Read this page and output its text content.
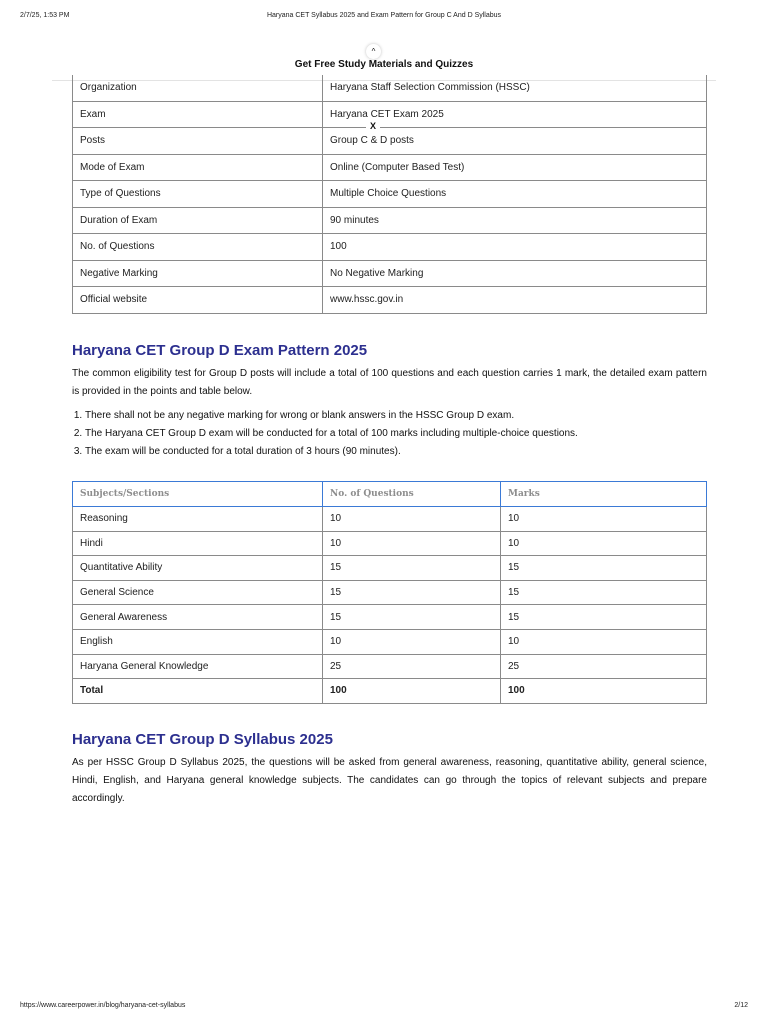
2/7/25, 1:53 PM	Haryana CET Syllabus 2025 and Exam Pattern for Group C And D Syllabus
^
Get Free Study Materials and Quizzes
Organization	Haryana Staff Selection Commission (HSSC)
Exam	Haryana CET Exam 2025
Posts	Group C & D posts
Mode of Exam	Online (Computer Based Test)
Type of Questions	Multiple Choice Questions
Duration of Exam	90 minutes
No. of Questions	100
Negative Marking	No Negative Marking
Official website	www.hssc.gov.in
X
Haryana CET Group D Exam Pattern 2025

The common eligibility test for Group D posts will include a total of 100 questions and each question carries 1 mark, the detailed exam pattern is provided in the points and table below.

1. There shall not be any negative marking for wrong or blank answers in the HSSC Group D exam.
2. The Haryana CET Group D exam will be conducted for a total of 100 marks including multiple-choice questions.
3. The exam will be conducted for a total duration of 3 hours (90 minutes).
Subjects/Sections	No. of Questions	Marks
Reasoning	10	10
Hindi	10	10
Quantitative Ability	15	15
General Science	15	15
General Awareness	15	15
English	10	10
Haryana General Knowledge	25	25
Total	100	100
Haryana CET Group D Syllabus 2025

As per HSSC Group D Syllabus 2025, the questions will be asked from general awareness, reasoning, quantitative ability, general science, Hindi, English, and Haryana general knowledge subjects. The candidates can go through the topics of relevant subjects and prepare accordingly.

https://www.careerpower.in/blog/haryana-cet-syllabus	2/12
